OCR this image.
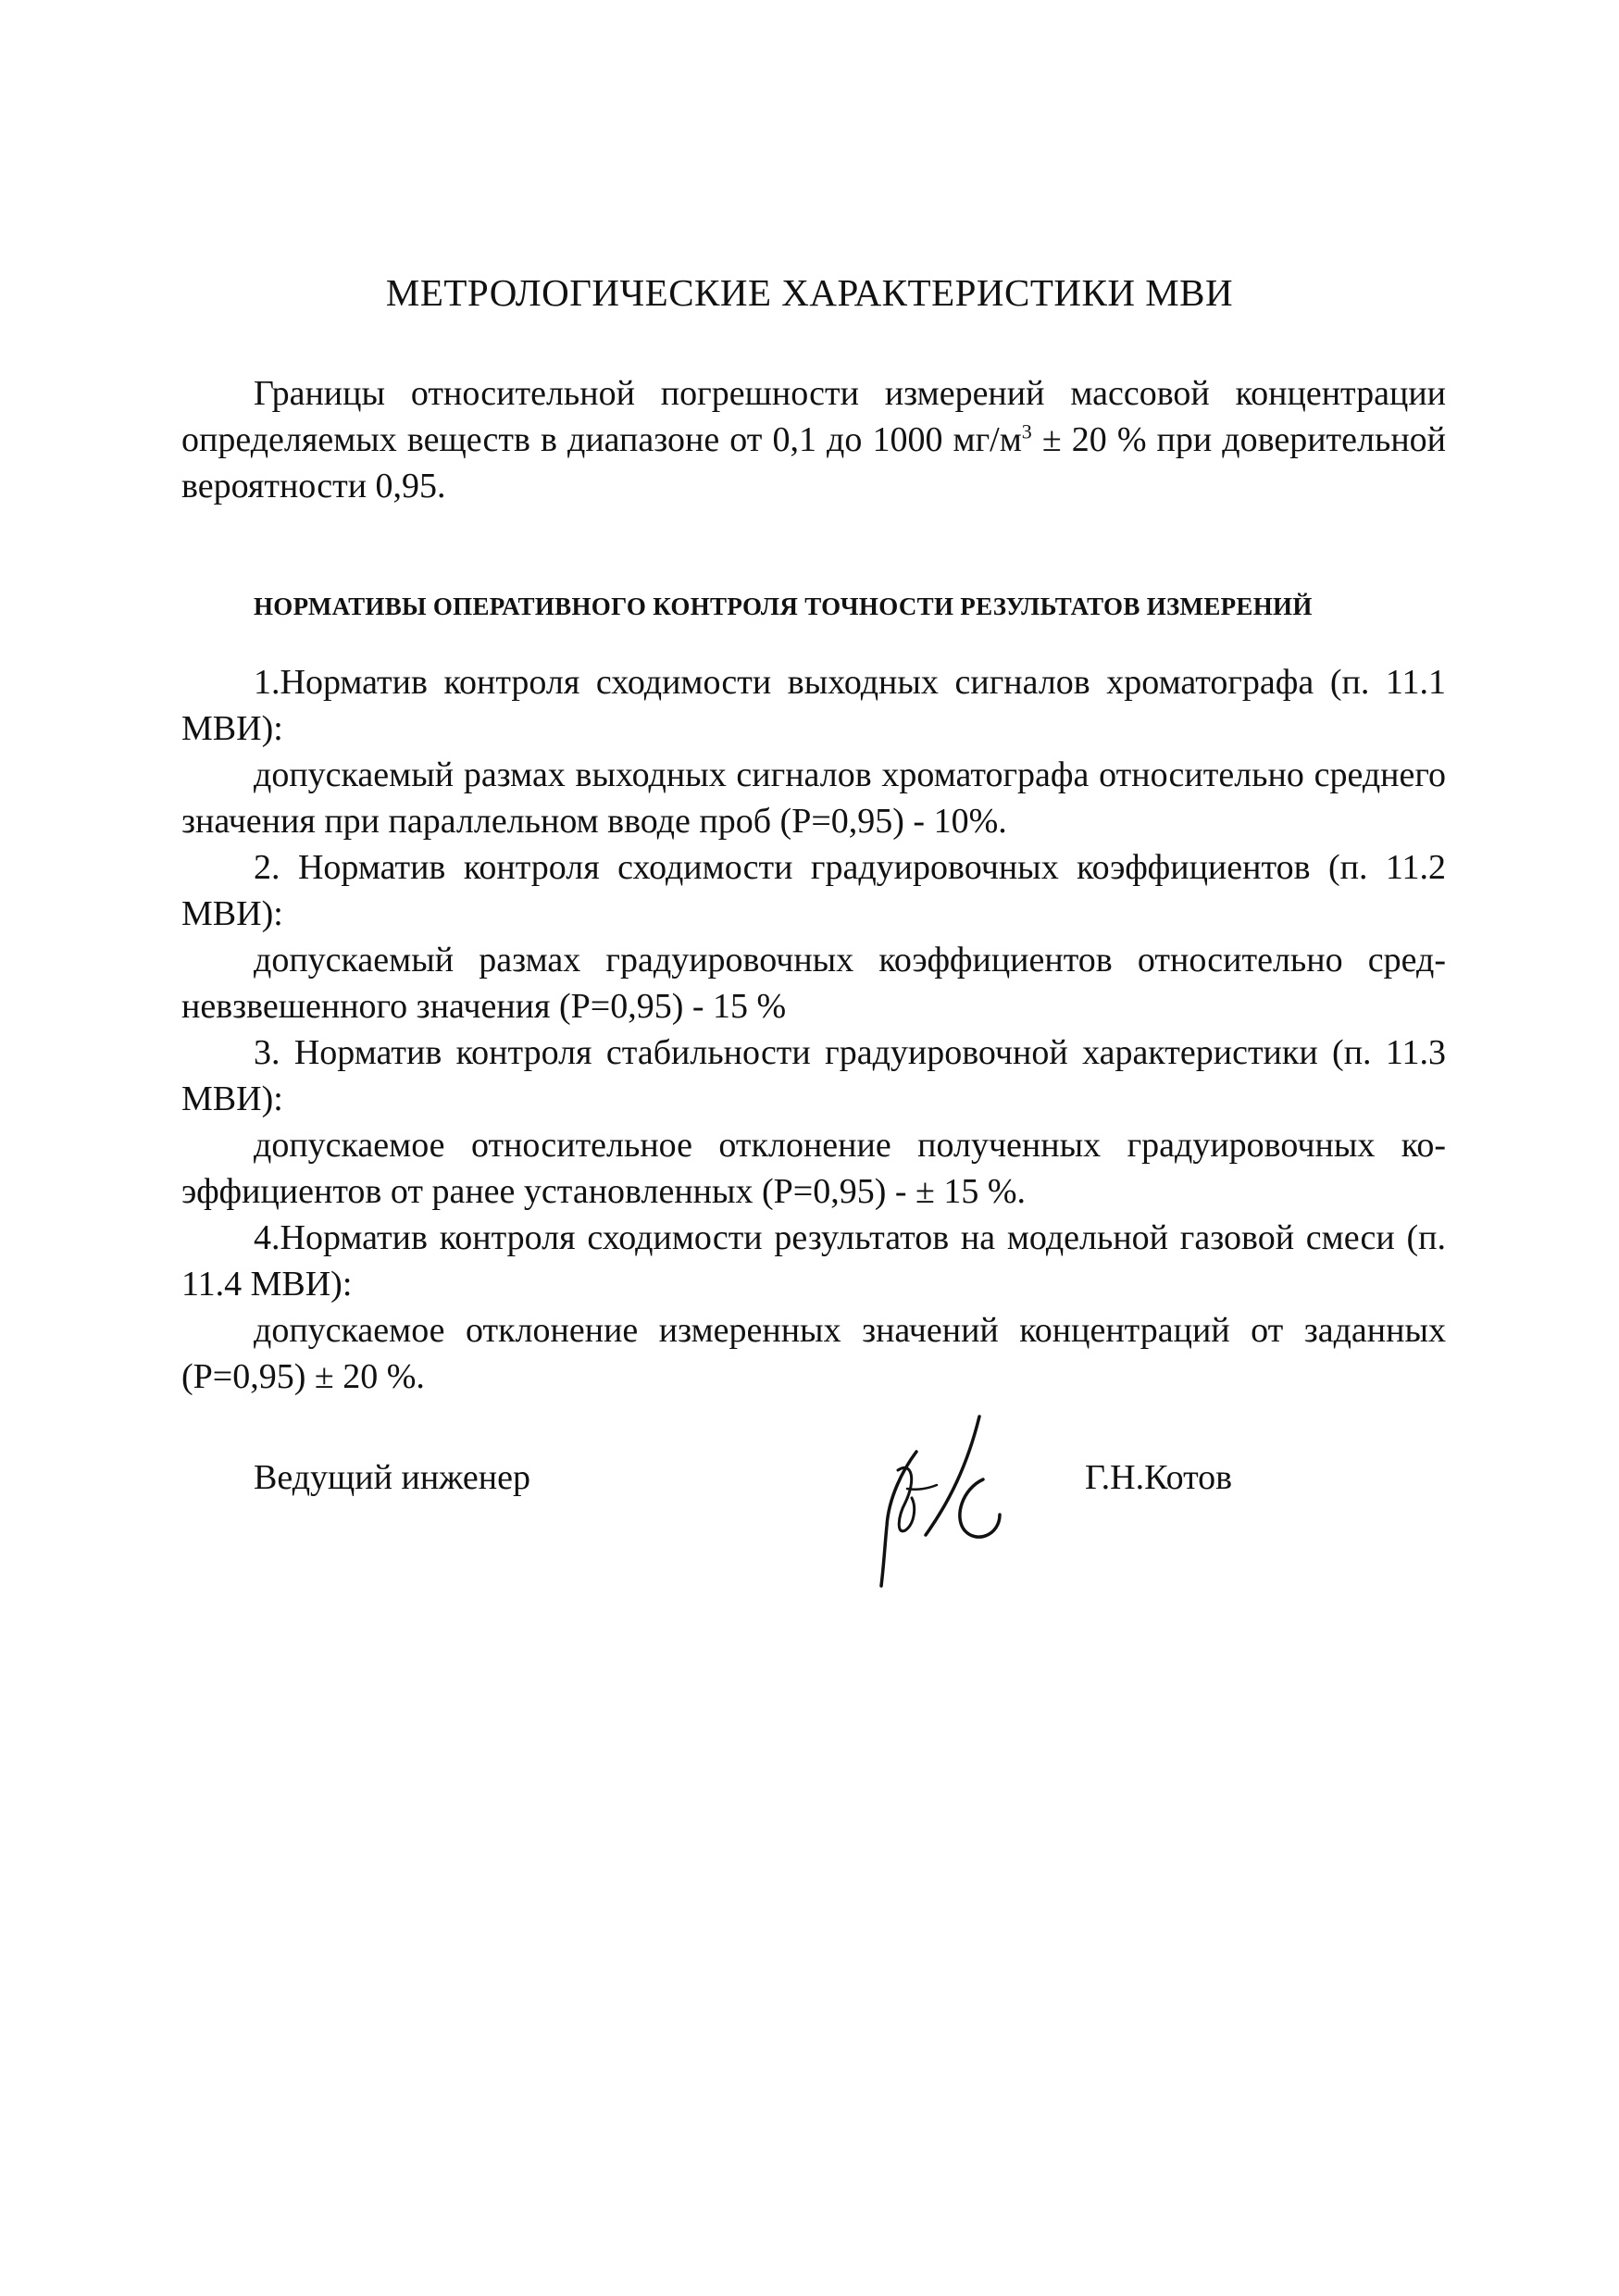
МЕТРОЛОГИЧЕСКИЕ ХАРАКТЕРИСТИКИ МВИ

Границы относительной погрешности измерений массовой концентрации определяемых веществ в диапазоне от 0,1 до 1000 $мг/м^3 \pm 20$ % при доверительной вероятности 0,95.

НОРМАТИВЫ ОПЕРАТИВНОГО КОНТРОЛЯ ТОЧНОСТИ РЕЗУЛЬТАТОВ ИЗМЕРЕНИЙ

1.Норматив контроля сходимости выходных сигналов хроматографа (п. 11.1 МВИ):

допускаемый размах выходных сигналов хроматографа относительно среднего значения при параллельном вводе проб (Р=0,95) - 10%.

2. Норматив контроля сходимости градуировочных коэффициентов (п. 11.2 МВИ):

допускаемый размах градуировочных коэффициентов относительно средневзвешенного значения (Р=0,95) - 15 %

3. Норматив контроля стабильности градуировочной характеристики (п. 11.3 МВИ):

допускаемое относительное отклонение полученных градуировочных коэффициентов от ранее установленных (Р=0,95) - ± 15 %.

4.Норматив контроля сходимости результатов на модельной газовой смеси (п. 11.4 МВИ):

допускаемое отклонение измеренных значений концентраций от заданных (Р=0,95) ± 20 %.

Ведущий инженер	Г.Н.Котов
